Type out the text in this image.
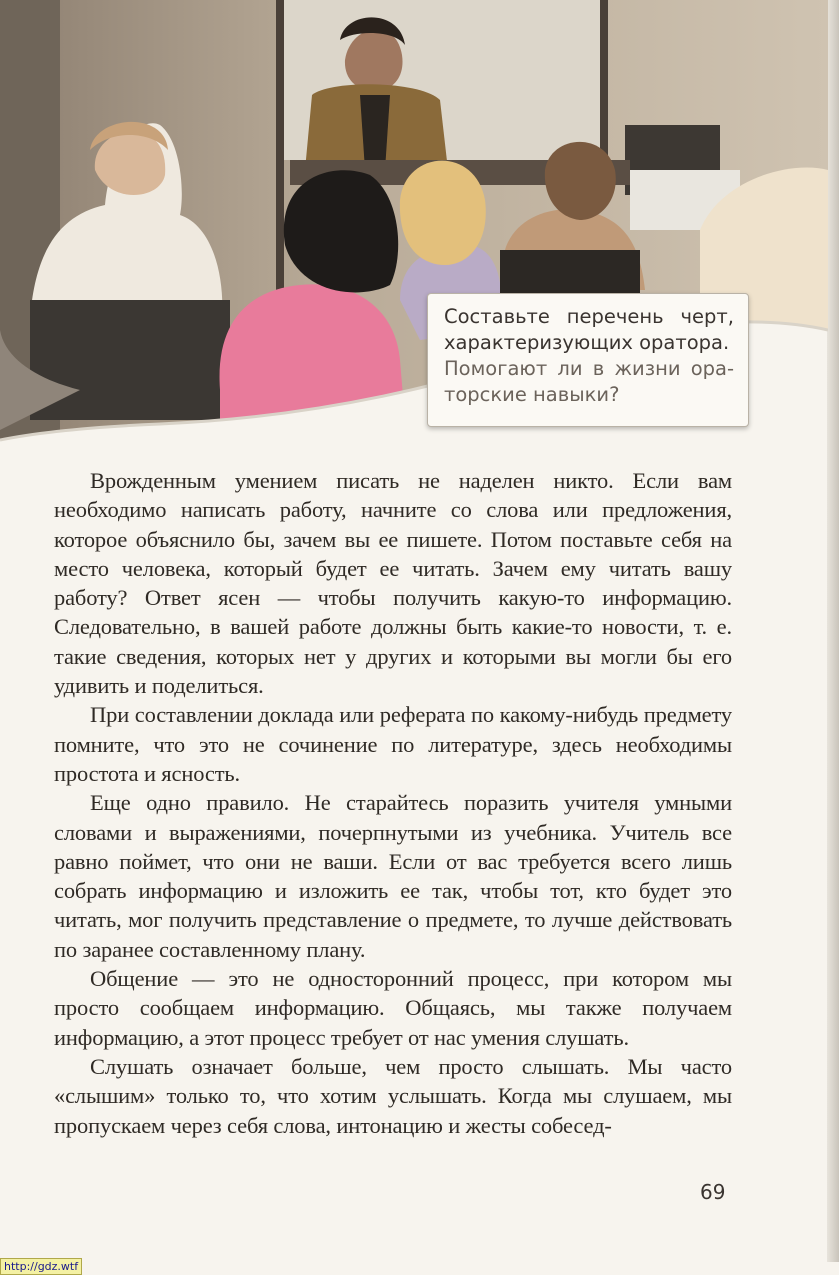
Составьте перечень черт,

характеризующих оратора.

Помогают ли в жизни ора-

торские навыки?

Врожденным умением писать не наделен никто. Если вам необходимо написать работу, начните со слова или предложения, которое объяснило бы, зачем вы ее пишете. Потом поставьте себя на место человека, который будет ее читать. Зачем ему читать вашу работу? Ответ ясен — чтобы получить какую-то информацию. Следовательно, в вашей работе должны быть какие-то новости, т. е. такие сведения, которых нет у других и которыми вы могли бы его удивить и поделиться.

При составлении доклада или реферата по какому-нибудь предмету помните, что это не сочинение по литературе, здесь необходимы простота и ясность.

Еще одно правило. Не старайтесь поразить учителя умными словами и выражениями, почерпнутыми из учебника. Учитель все равно поймет, что они не ваши. Если от вас требуется всего лишь собрать информацию и изложить ее так, чтобы тот, кто будет это читать, мог получить представление о предмете, то лучше действовать по заранее составленному плану.

Общение — это не односторонний процесс, при котором мы просто сообщаем информацию. Общаясь, мы также получаем информацию, а этот процесс требует от нас умения слушать.

Слушать означает больше, чем просто слышать. Мы часто «слышим» только то, что хотим услышать. Когда мы слушаем, мы пропускаем через себя слова, интонацию и жесты собесед-

69
http://gdz.wtf
